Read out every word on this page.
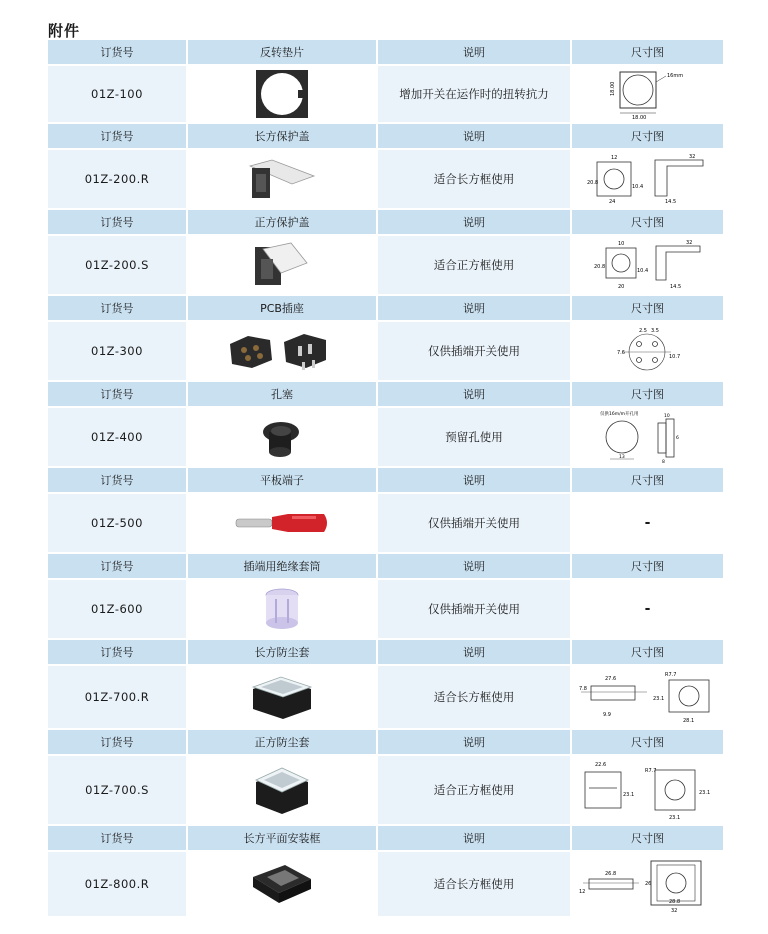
附件
订货号	反转垫片	说明	尺寸图
01Z-100	增加开关在运作时的扭转抗力
16mm
18.00
18.00
订货号	长方保护盖	说明	尺寸图
01Z-200.R	适合长方框使用
12
20.8
10.4
24
32
14.5
订货号	正方保护盖	说明	尺寸图
01Z-200.S	适合正方框使用
10
20.8
10.4
20
32
14.5
订货号	PCB插座	说明	尺寸图
01Z-300	仅供插端开关使用
2.5 3.5
7.6
10.7
订货号	孔塞	说明	尺寸图
01Z-400	预留孔使用
仅供16m/m开孔用
13
10
6
8
订货号	平板端子	说明	尺寸图
01Z-500	仅供插端开关使用	-
订货号	插端用绝缘套筒	说明	尺寸图
01Z-600	仅供插端开关使用	-
订货号	长方防尘套	说明	尺寸图
01Z-700.R	适合长方框使用
27.6
7.8
9.9
R7.7
23.1
28.1
订货号	正方防尘套	说明	尺寸图
01Z-700.S	适合正方框使用
22.6
23.1
R7.7
23.1
23.1
订货号	长方平面安装框	说明	尺寸图
01Z-800.R	适合长方框使用
26.8
12
26
28.8
32
